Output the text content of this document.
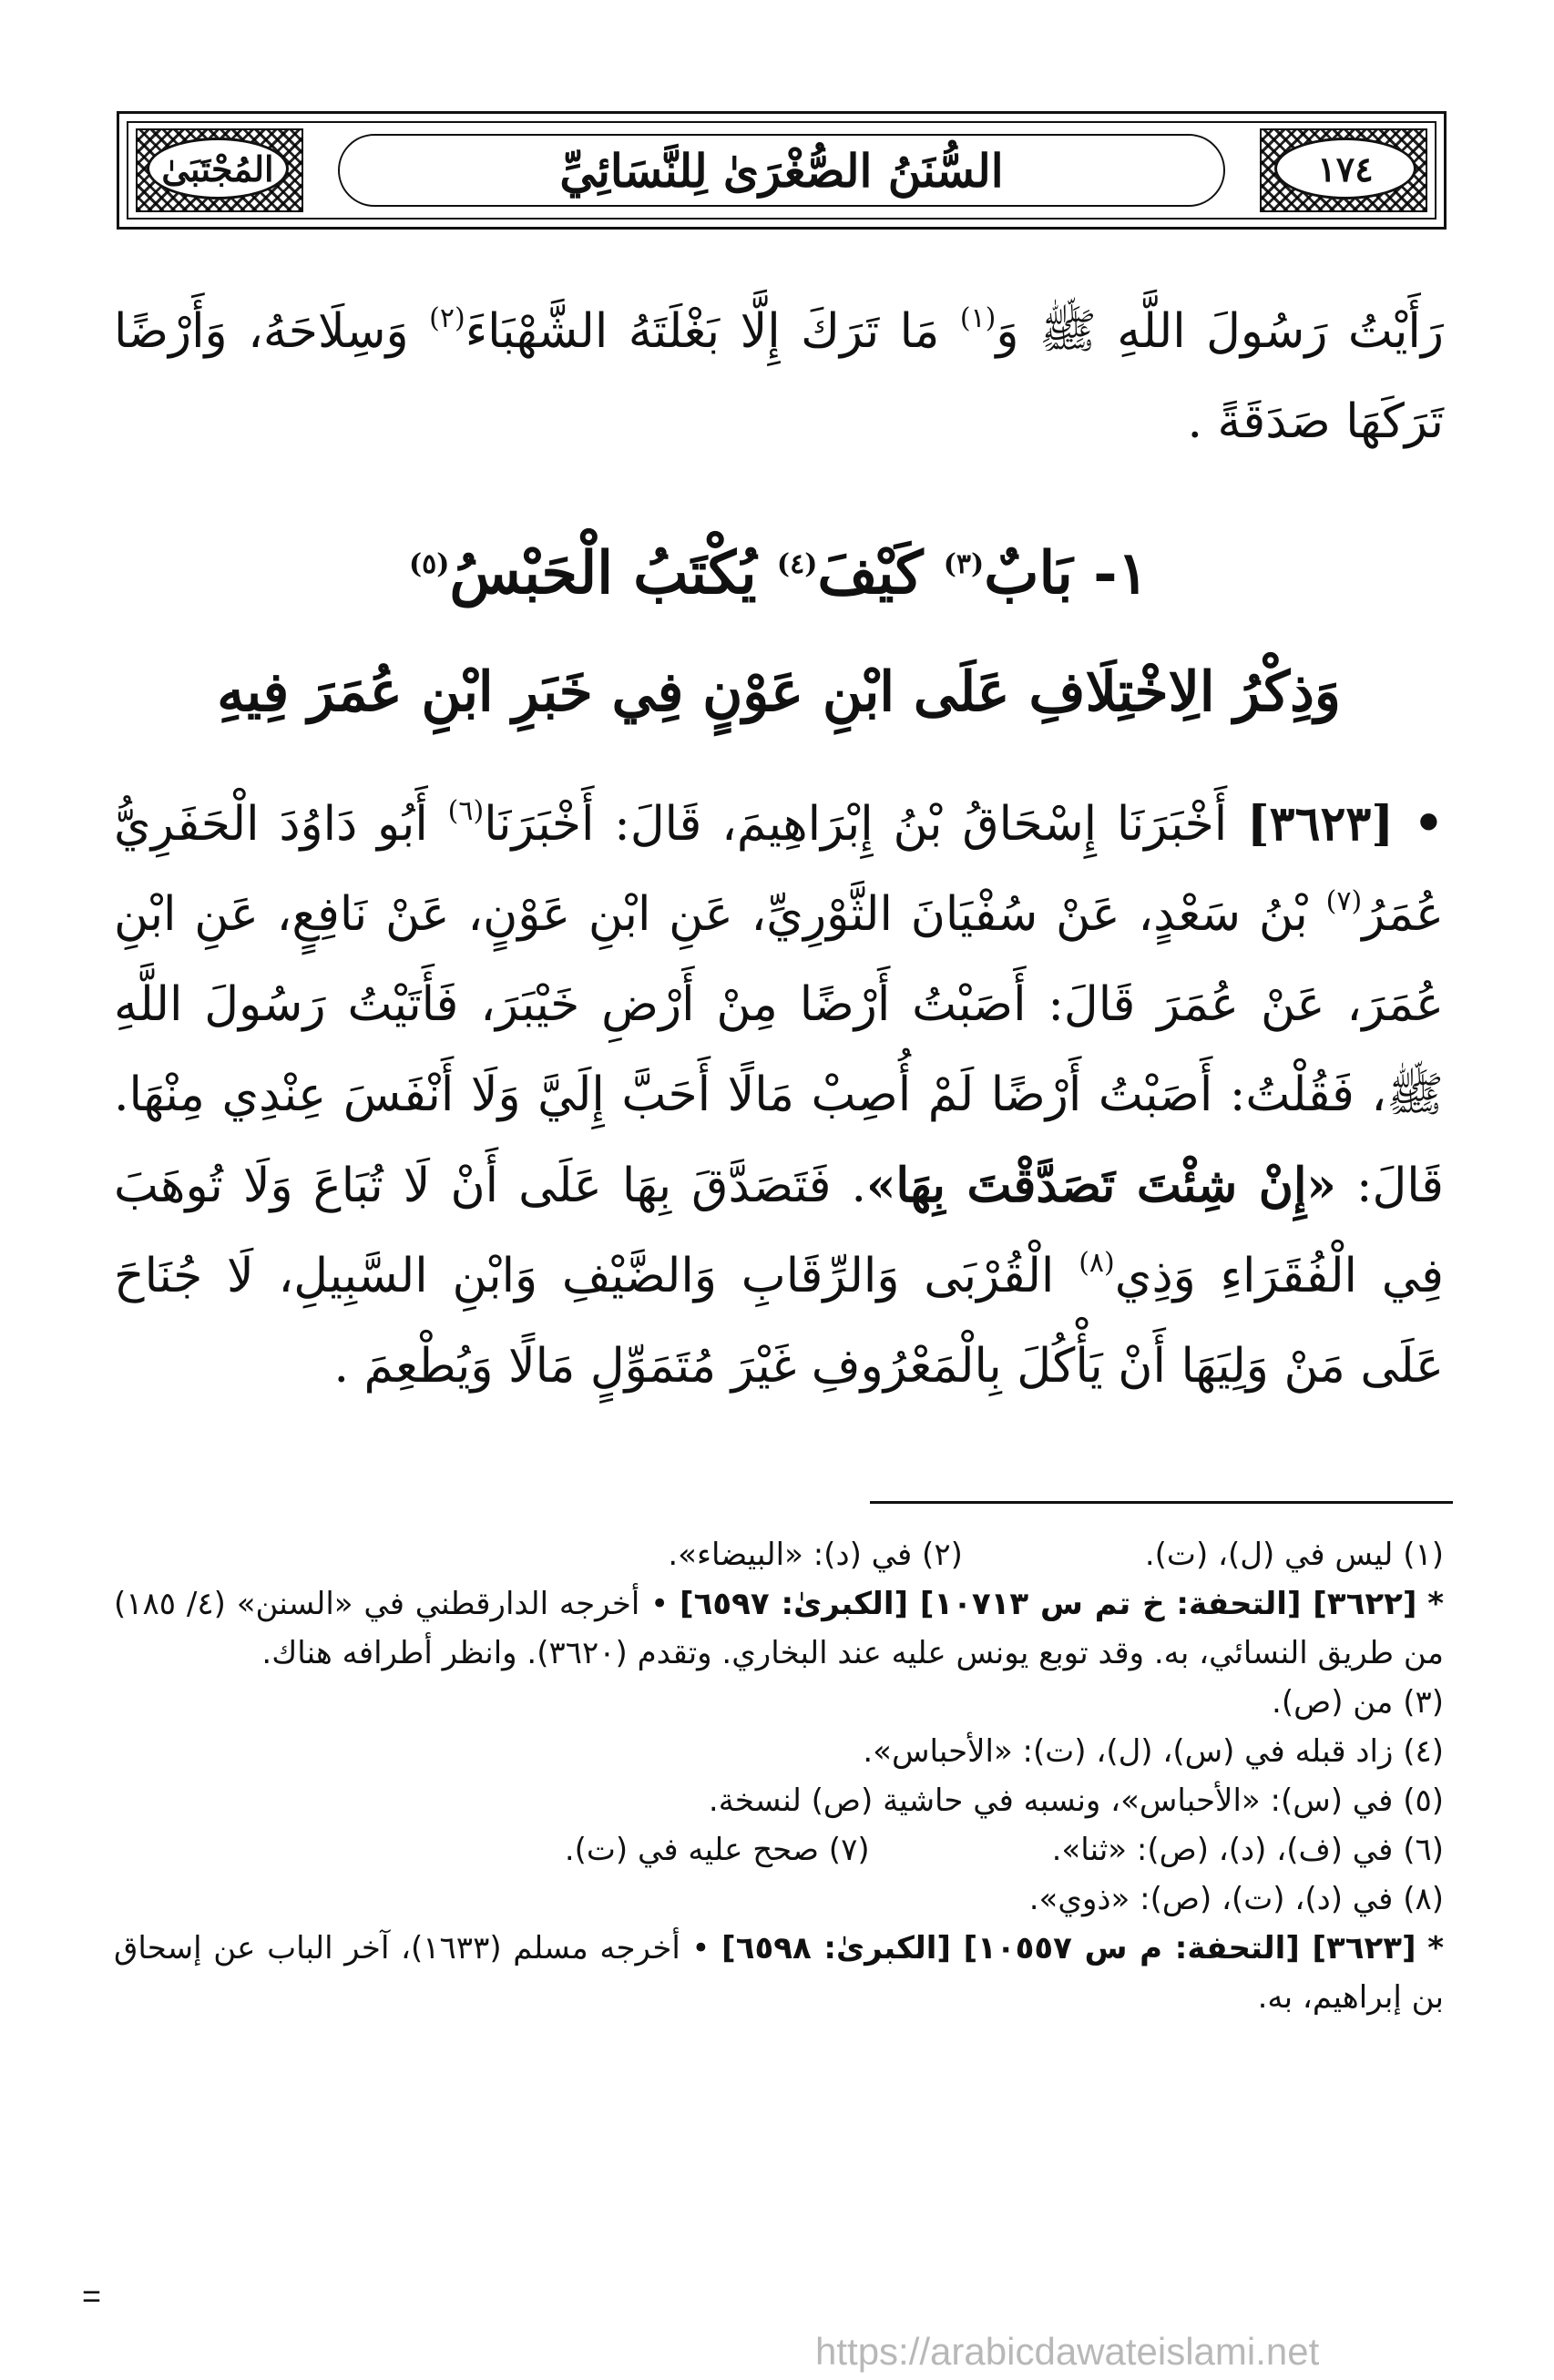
المُجْتَبَىٰ	١٧٤
السُّنَنُ الصُّغْرَىٰ لِلنَّسَائِيِّ
رَأَيْتُ رَسُولَ اللَّهِ ﷺ وَ$^{(١)}$ مَا تَرَكَ إِلَّا بَغْلَتَهُ الشَّهْبَاءَ$^{(٢)}$ وَسِلَاحَهُ، وَأَرْضًا تَرَكَهَا صَدَقَةً .
١- بَابٌ$^{(٣)}$ كَيْفَ$^{(٤)}$ يُكْتَبُ الْحَبْسُ$^{(٥)}$
وَذِكْرُ الِاخْتِلَافِ عَلَى ابْنِ عَوْنٍ فِي خَبَرِ ابْنِ عُمَرَ فِيهِ
• [٣٦٢٣] أَخْبَرَنَا إِسْحَاقُ بْنُ إِبْرَاهِيمَ، قَالَ: أَخْبَرَنَا$^{(٦)}$ أَبُو دَاوُدَ الْحَفَرِيُّ عُمَرُ$^{(٧)}$ بْنُ سَعْدٍ، عَنْ سُفْيَانَ الثَّوْرِيِّ، عَنِ ابْنِ عَوْنٍ، عَنْ نَافِعٍ، عَنِ ابْنِ عُمَرَ، عَنْ عُمَرَ قَالَ: أَصَبْتُ أَرْضًا مِنْ أَرْضِ خَيْبَرَ، فَأَتَيْتُ رَسُولَ اللَّهِ ﷺ، فَقُلْتُ: أَصَبْتُ أَرْضًا لَمْ أُصِبْ مَالًا أَحَبَّ إِلَيَّ وَلَا أَنْفَسَ عِنْدِي مِنْهَا. قَالَ: «إِنْ شِئْتَ تَصَدَّقْتَ بِهَا». فَتَصَدَّقَ بِهَا عَلَى أَنْ لَا تُبَاعَ وَلَا تُوهَبَ فِي الْفُقَرَاءِ وَذِي$^{(٨)}$ الْقُرْبَى وَالرِّقَابِ وَالضَّيْفِ وَابْنِ السَّبِيلِ، لَا جُنَاحَ عَلَى مَنْ وَلِيَهَا أَنْ يَأْكُلَ بِالْمَعْرُوفِ غَيْرَ مُتَمَوِّلٍ مَالًا وَيُطْعِمَ .
(١) ليس في (ل)، (ت).
(٢) في (د): «البيضاء».
* [٣٦٢٢] [التحفة: خ تم س ١٠٧١٣] [الكبرىٰ: ٦٥٩٧] • أخرجه الدارقطني في «السنن» (٤/ ١٨٥) من طريق النسائي، به. وقد توبع يونس عليه عند البخاري. وتقدم (٣٦٢٠). وانظر أطرافه هناك.
(٣) من (ص).
(٤) زاد قبله في (س)، (ل)، (ت): «الأحباس».
(٥) في (س): «الأحباس»، ونسبه في حاشية (ص) لنسخة.
(٦) في (ف)، (د)، (ص): «ثنا».
(٧) صحح عليه في (ت).
(٨) في (د)، (ت)، (ص): «ذوي».
* [٣٦٢٣] [التحفة: م س ١٠٥٥٧] [الكبرىٰ: ٦٥٩٨] • أخرجه مسلم (١٦٣٣)، آخر الباب عن إسحاق بن إبراهيم، به.
=
https://arabicdawateislami.net
